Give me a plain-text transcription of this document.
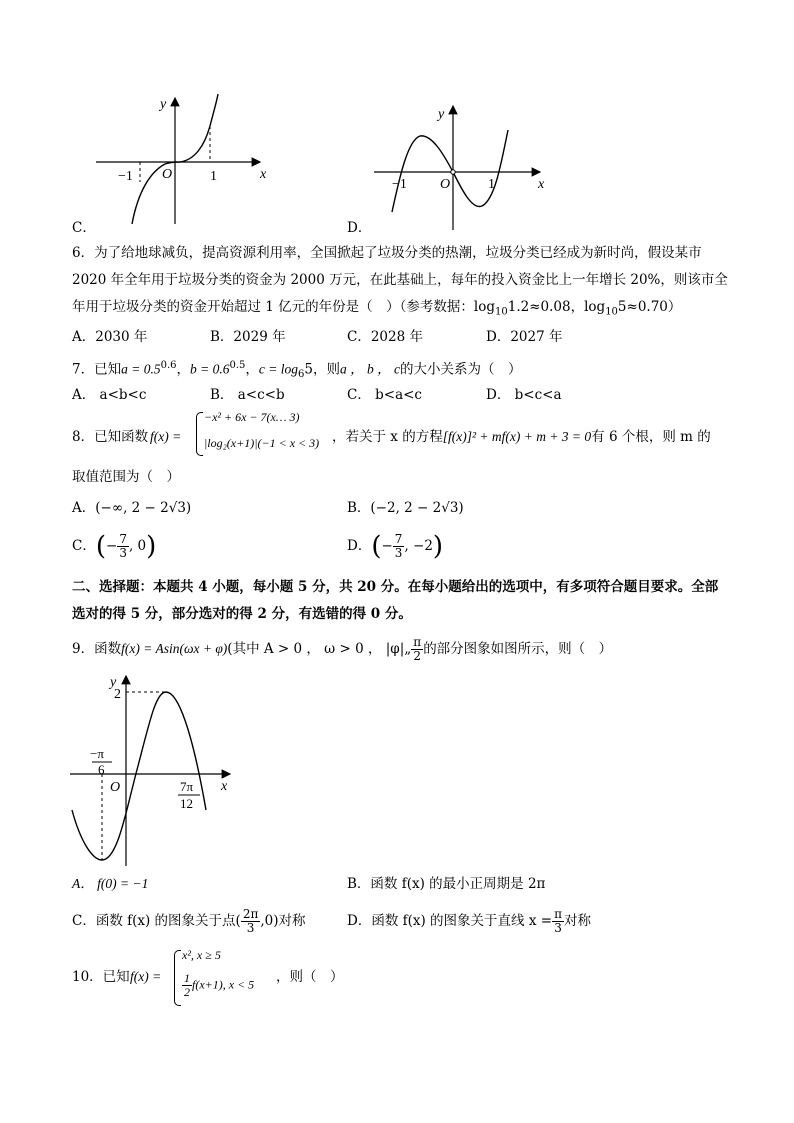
y
x
O
−1	1
C．
y
x
O
−1	1
D．
6．为了给地球减负，提高资源利用率，全国掀起了垃圾分类的热潮，垃圾分类已经成为新时尚，假设某市
2020 年全年用于垃圾分类的资金为 2000 万元，在此基础上，每年的投入资金比上一年增长 20%，则该市全
年用于垃圾分类的资金开始超过 1 亿元的年份是（　）（参考数据：$\log_{10}1.2\approx 0.08$，$\log_{10}5\approx 0.70$）
A．2030 年	B．2029 年	C．2028 年	D．2027 年
7．已知$a = 0.5^{0.6}$，$b = 0.6^{0.5}$，$c = \log_65$，则a ， b ， c的大小关系为（　）
A． a<b<c	B． a<c<b	C． b<a<c	D． b<c<a
8．已知函数 f(x) =
−x² + 6x − 7(x… 3)
|log₂(x+1)|(−1 < x < 3) ，若关于 x 的方程[f(x)]² + mf(x) + m + 3 = 0有 6 个根，则 m 的
取值范围为（　）
A．(−∞, 2 − 2√3)	B．(−2, 2 − 2√3)
C．(− $\frac{7}{3}$ , 0)	D．(− $\frac{7}{3}$ , −2)
二、选择题：本题共 4 小题，每小题 5 分，共 20 分。在每小题给出的选项中，有多项符合题目要求。全部
选对的得 5 分，部分选对的得 2 分，有选错的得 0 分。
9．函数f(x) = Asin(ωx + φ)(其中 A > 0 ， ω > 0 ， |φ|„ $\frac{\pi}{2}$ 的部分图象如图所示，则（　）
y
x
O
2
−π
6
7π
12
A． f(0) = −1	B．函数 f(x) 的最小正周期是 2π
C．函数 f(x) 的图象关于点( $\frac{2\pi}{3} ,0$)对称	D．函数 f(x) 的图象关于直线 $x = \frac{\pi}{3}$ 对称
10．已知 f(x) =
x², x ≥ 5
$\frac{1}{2} f(x+1)$, x < 5 ，则（　）
